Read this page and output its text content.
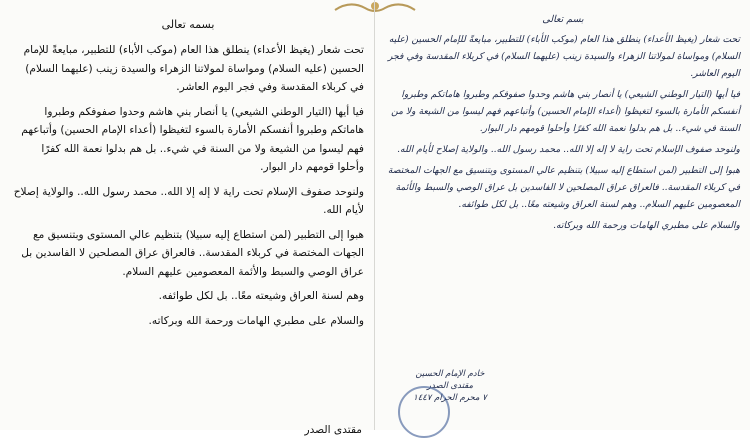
بسمه تعالى

تحت شعار (يغيظ الأعداء) ينطلق هذا العام (موكب الأباء) للتطبير، مبايعةً للإمام الحسين (عليه السلام) ومواساة لمولاتنا الزهراء والسيدة زينب (عليهما السلام) في كربلاء المقدسة وفي فجر اليوم العاشر.

فيا أيها (التيار الوطني الشيعي) يا أنصار بني هاشم وحدوا صفوفكم وطبروا هاماتكم وطبروا أنفسكم الأمارة بالسوء لتغيظوا (أعداء الإمام الحسين) وأتباعهم فهم ليسوا من الشيعة ولا من السنة في شيء.. بل هم بدلوا نعمة الله كفرًا وأحلوا قومهم دار البوار.

ولنوحد صفوف الإسلام تحت راية لا إله إلا الله.. محمد رسول الله.. والولاية إصلاح لأيام الله.

هبوا إلى التطبير (لمن استطاع إليه سبيلا) بتنظيم عالي المستوى وبتنسيق مع الجهات المختصة في كربلاء المقدسة.. فالعراق عراق المصلحين لا الفاسدين بل عراق الوصي والسبط والأئمة المعصومين عليهم السلام.

وهم لسنة العراق وشيعته معًا.. بل لكل طوائفه.

والسلام على مطبري الهامات ورحمة الله وبركاته.

مقتدى الصدر

بسم تعالى

تحت شعار (يغيظ الأعداء) ينطلق هذا العام (موكب الأباء) للتطبير، مبايعةً للإمام الحسين (عليه السلام) ومواساة لمولاتنا الزهراء والسيدة زينب (عليهما السلام) في كربلاء المقدسة وفي فجر اليوم العاشر.

فيا أيها (التيار الوطني الشيعي) يا أنصار بني هاشم وحدوا صفوفكم وطبروا هاماتكم وطبروا أنفسكم الأمارة بالسوء لتغيظوا (أعداء الإمام الحسين) وأتباعهم فهم ليسوا من الشيعة ولا من السنة في شيء.. بل هم بدلوا نعمة الله كفرًا وأحلوا قومهم دار البوار.

ولنوحد صفوف الإسلام تحت راية لا إله إلا الله.. محمد رسول الله.. والولاية إصلاح لأيام الله.

هبوا إلى التطبير (لمن استطاع إليه سبيلا) بتنظيم عالي المستوى وبتنسيق مع الجهات المختصة في كربلاء المقدسة.. فالعراق عراق المصلحين لا الفاسدين بل عراق الوصي والسبط والأئمة المعصومين عليهم السلام.. وهم لسنة العراق وشيعته معًا.. بل لكل طوائفه.

والسلام على مطبري الهامات ورحمة الله وبركاته.

خادم الإمام الحسين
مقتدى الصدر
٧ محرم الحرام ١٤٤٧
